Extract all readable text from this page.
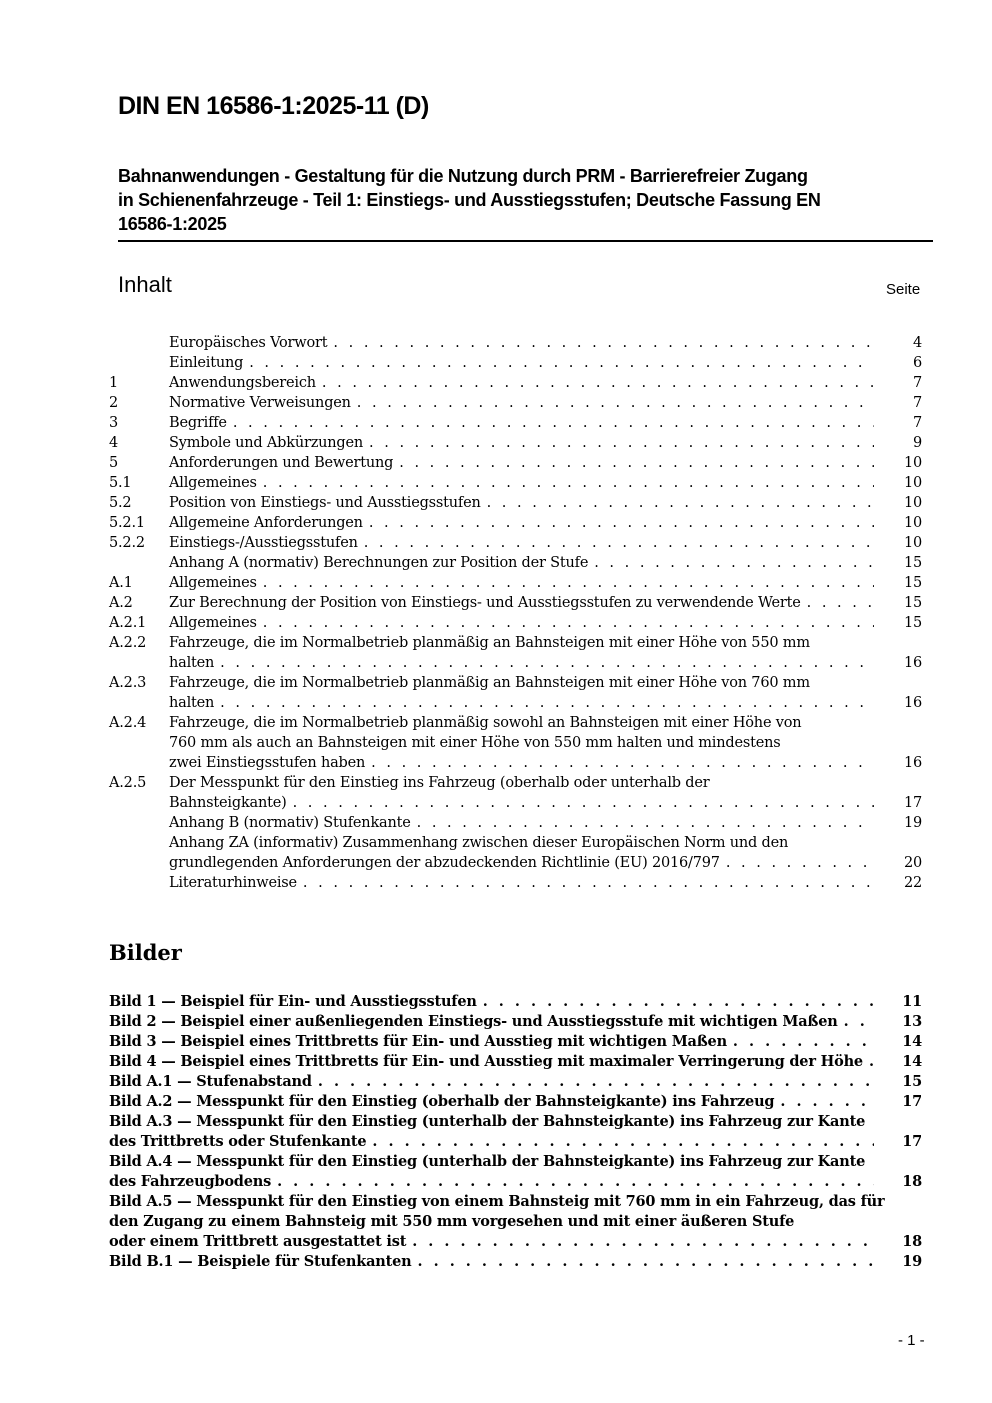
DIN EN 16586-1:2025-11 (D)
Bahnanwendungen - Gestaltung für die Nutzung durch PRM - Barrierefreier Zugang
in Schienenfahrzeuge - Teil 1: Einstiegs- und Ausstiegsstufen; Deutsche Fassung EN
16586-1:2025
Inhalt	Seite
Europäisches Vorwort . . .	4
Einleitung . . .	6
1	Anwendungsbereich . . .	7
2	Normative Verweisungen . . .	7
3	Begriffe . . .	7
4	Symbole und Abkürzungen . . .	9
5	Anforderungen und Bewertung . . .	10
5.1	Allgemeines . . .	10
5.2	Position von Einstiegs- und Ausstiegsstufen . . .	10
5.2.1	Allgemeine Anforderungen . . .	10
5.2.2	Einstiegs-/Ausstiegsstufen . . .	10
Anhang A (normativ) Berechnungen zur Position der Stufe . . .	15
A.1	Allgemeines . . .	15
A.2	Zur Berechnung der Position von Einstiegs- und Ausstiegsstufen zu verwendende Werte . . .	15
A.2.1	Allgemeines . . .	15
A.2.2	Fahrzeuge, die im Normalbetrieb planmäßig an Bahnsteigen mit einer Höhe von 550 mm
halten . . .	16
A.2.3	Fahrzeuge, die im Normalbetrieb planmäßig an Bahnsteigen mit einer Höhe von 760 mm
halten . . .	16
A.2.4	Fahrzeuge, die im Normalbetrieb planmäßig sowohl an Bahnsteigen mit einer Höhe von
760 mm als auch an Bahnsteigen mit einer Höhe von 550 mm halten und mindestens
zwei Einstiegsstufen haben . . .	16
A.2.5	Der Messpunkt für den Einstieg ins Fahrzeug (oberhalb oder unterhalb der
Bahnsteigkante) . . .	17
Anhang B (normativ) Stufenkante . . .	19
Anhang ZA (informativ) Zusammenhang zwischen dieser Europäischen Norm und den
grundlegenden Anforderungen der abzudeckenden Richtlinie (EU) 2016/797 . . .	20
Literaturhinweise . . .	22
Bilder
Bild 1 — Beispiel für Ein- und Ausstiegsstufen . . .	11
Bild 2 — Beispiel einer außenliegenden Einstiegs- und Ausstiegsstufe mit wichtigen Maßen . . .	13
Bild 3 — Beispiel eines Trittbretts für Ein- und Ausstieg mit wichtigen Maßen . . .	14
Bild 4 — Beispiel eines Trittbretts für Ein- und Ausstieg mit maximaler Verringerung der Höhe . . .	14
Bild A.1 — Stufenabstand . . .	15
Bild A.2 — Messpunkt für den Einstieg (oberhalb der Bahnsteigkante) ins Fahrzeug . . .	17
Bild A.3 — Messpunkt für den Einstieg (unterhalb der Bahnsteigkante) ins Fahrzeug zur Kante
des Trittbretts oder Stufenkante . . .	17
Bild A.4 — Messpunkt für den Einstieg (unterhalb der Bahnsteigkante) ins Fahrzeug zur Kante
des Fahrzeugbodens . . .	18
Bild A.5 — Messpunkt für den Einstieg von einem Bahnsteig mit 760 mm in ein Fahrzeug, das für
den Zugang zu einem Bahnsteig mit 550 mm vorgesehen und mit einer äußeren Stufe
oder einem Trittbrett ausgestattet ist . . .	18
Bild B.1 — Beispiele für Stufenkanten . . .	19
- 1 -
